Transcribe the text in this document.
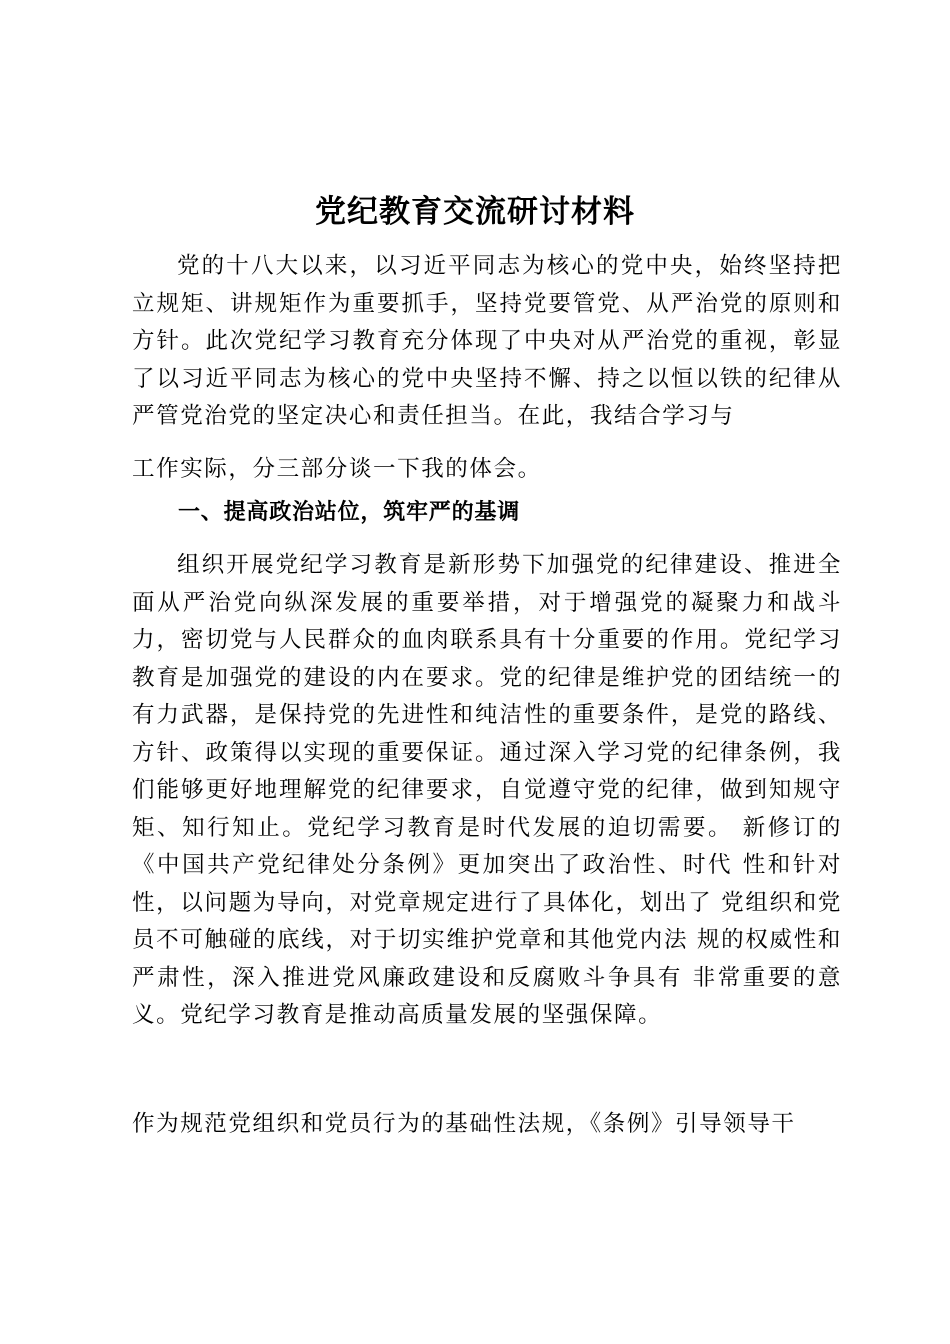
党纪教育交流研讨材料

党的十八大以来，以习近平同志为核心的党中央，始终坚持把立规矩、讲规矩作为重要抓手，坚持党要管党、从严治党的原则和方针。此次党纪学习教育充分体现了中央对从严治党的重视，彰显了以习近平同志为核心的党中央坚持不懈、持之以恒以铁的纪律从严管党治党的坚定决心和责任担当。在此，我结合学习与

工作实际，分三部分谈一下我的体会。

一、提高政治站位，筑牢严的基调

组织开展党纪学习教育是新形势下加强党的纪律建设、推进全面从严治党向纵深发展的重要举措，对于增强党的凝聚力和战斗力，密切党与人民群众的血肉联系具有十分重要的作用。党纪学习教育是加强党的建设的内在要求。党的纪律是维护党的团结统一的有力武器，是保持党的先进性和纯洁性的重要条件，是党的路线、方针、政策得以实现的重要保证。通过深入学习党的纪律条例，我们能够更好地理解党的纪律要求，自觉遵守党的纪律，做到知规守矩、知行知止。党纪学习教育是时代发展的迫切需要。 新修订的《中国共产党纪律处分条例》更加突出了政治性、时代 性和针对性，以问题为导向，对党章规定进行了具体化，划出了 党组织和党员不可触碰的底线，对于切实维护党章和其他党内法 规的权威性和严肃性，深入推进党风廉政建设和反腐败斗争具有 非常重要的意义。党纪学习教育是推动高质量发展的坚强保障。

作为规范党组织和党员行为的基础性法规，《条例》引导领导干
